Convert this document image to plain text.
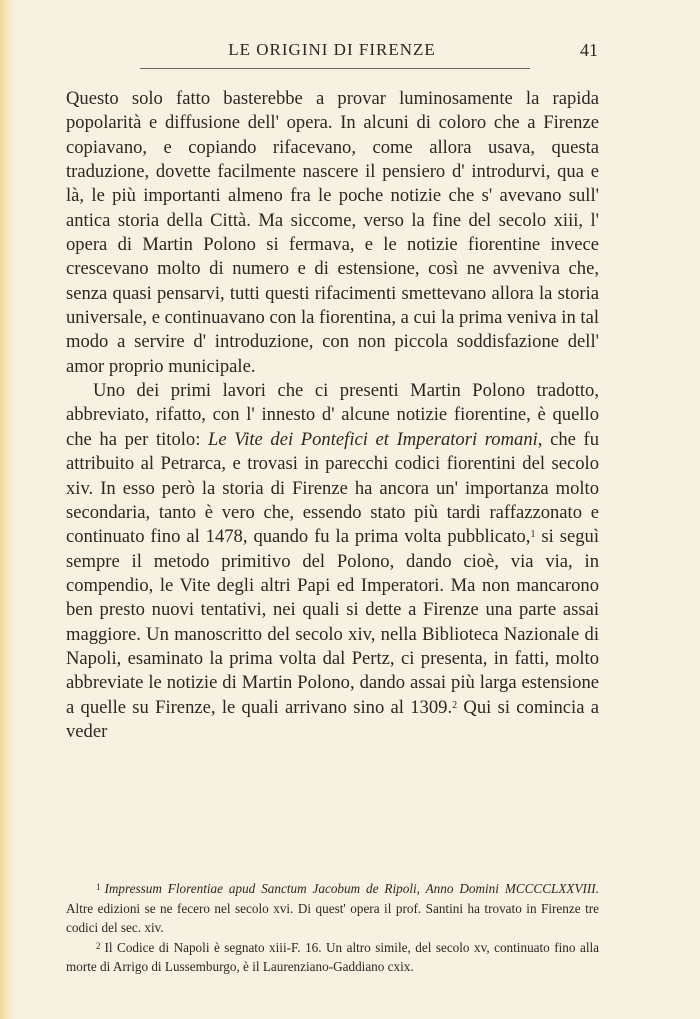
LE ORIGINI DI FIRENZE	41

Questo solo fatto basterebbe a provar luminosamente la rapida popolarità e diffusione dell' opera. In alcuni di coloro che a Firenze copiavano, e copiando rifacevano, come allora usava, questa traduzione, dovette facilmente nascere il pensiero d' introdurvi, qua e là, le più importanti almeno fra le poche notizie che s' avevano sull' antica storia della Città. Ma siccome, verso la fine del secolo xiii, l' opera di Martin Polono si fermava, e le notizie fiorentine invece crescevano molto di numero e di estensione, così ne avveniva che, senza quasi pensarvi, tutti questi rifacimenti smettevano allora la storia universale, e continuavano con la fiorentina, a cui la prima veniva in tal modo a servire d' introduzione, con non piccola soddisfazione dell' amor proprio municipale.

Uno dei primi lavori che ci presenti Martin Polono tradotto, abbreviato, rifatto, con l' innesto d' alcune notizie fiorentine, è quello che ha per titolo: Le Vite dei Pontefici et Imperatori romani, che fu attribuito al Petrarca, e trovasi in parecchi codici fiorentini del secolo xiv. In esso però la storia di Firenze ha ancora un' importanza molto secondaria, tanto è vero che, essendo stato più tardi raffazzonato e continuato fino al 1478, quando fu la prima volta pubblicato,$^1$ si seguì sempre il metodo primitivo del Polono, dando cioè, via via, in compendio, le Vite degli altri Papi ed Imperatori. Ma non mancarono ben presto nuovi tentativi, nei quali si dette a Firenze una parte assai maggiore. Un manoscritto del secolo xiv, nella Biblioteca Nazionale di Napoli, esaminato la prima volta dal Pertz, ci presenta, in fatti, molto abbreviate le notizie di Martin Polono, dando assai più larga estensione a quelle su Firenze, le quali arrivano sino al 1309.$^2$ Qui si comincia a veder

$^1$ Impressum Florentiae apud Sanctum Jacobum de Ripoli, Anno Domini MCCCCLXXVIII. Altre edizioni se ne fecero nel secolo xvi. Di quest' opera il prof. Santini ha trovato in Firenze tre codici del sec. xiv.

$^2$ Il Codice di Napoli è segnato xiii-F. 16. Un altro simile, del secolo xv, continuato fino alla morte di Arrigo di Lussemburgo, è il Laurenziano-Gaddiano cxix.
